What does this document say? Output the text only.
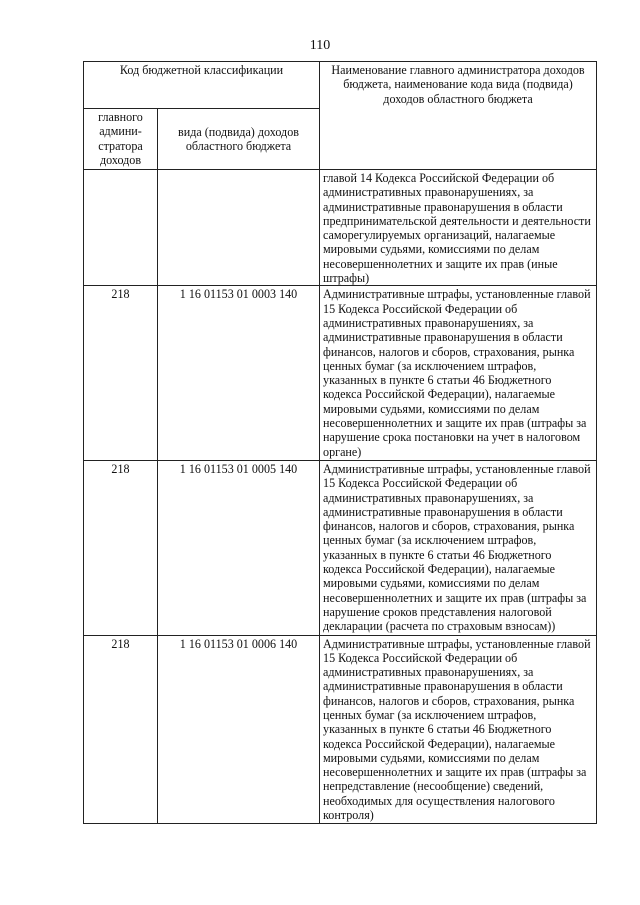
110
Код бюджетной классификации		Наименование главного администратора доходов бюджета, наименование кода вида (подвида) доходов областного бюджета
главного админи-стратора доходов	вида (подвида) доходов областного бюджета	
		главой 14 Кодекса Российской Федерации об административных правонарушениях, за административные правонарушения в области предпринимательской деятельности и деятельности саморегулируемых организаций, налагаемые мировыми судьями, комиссиями по делам несовершеннолетних и защите их прав (иные штрафы)
218	1 16 01153 01 0003 140	Административные штрафы, установленные главой 15 Кодекса Российской Федерации об административных правонарушениях, за административные правонарушения в области финансов, налогов и сборов, страхования, рынка ценных бумаг (за исключением штрафов, указанных в пункте 6 статьи 46 Бюджетного кодекса Российской Федерации), налагаемые мировыми судьями, комиссиями по делам несовершеннолетних и защите их прав (штрафы за нарушение срока постановки на учет в налоговом органе)
218	1 16 01153 01 0005 140	Административные штрафы, установленные главой 15 Кодекса Российской Федерации об административных правонарушениях, за административные правонарушения в области финансов, налогов и сборов, страхования, рынка ценных бумаг (за исключением штрафов, указанных в пункте 6 статьи 46 Бюджетного кодекса Российской Федерации), налагаемые мировыми судьями, комиссиями по делам несовершеннолетних и защите их прав (штрафы за нарушение сроков представления налоговой декларации (расчета по страховым взносам))
218	1 16 01153 01 0006 140	Административные штрафы, установленные главой 15 Кодекса Российской Федерации об административных правонарушениях, за административные правонарушения в области финансов, налогов и сборов, страхования, рынка ценных бумаг (за исключением штрафов, указанных в пункте 6 статьи 46 Бюджетного кодекса Российской Федерации), налагаемые мировыми судьями, комиссиями по делам несовершеннолетних и защите их прав (штрафы за непредставление (несообщение) сведений, необходимых для осуществления налогового контроля)
